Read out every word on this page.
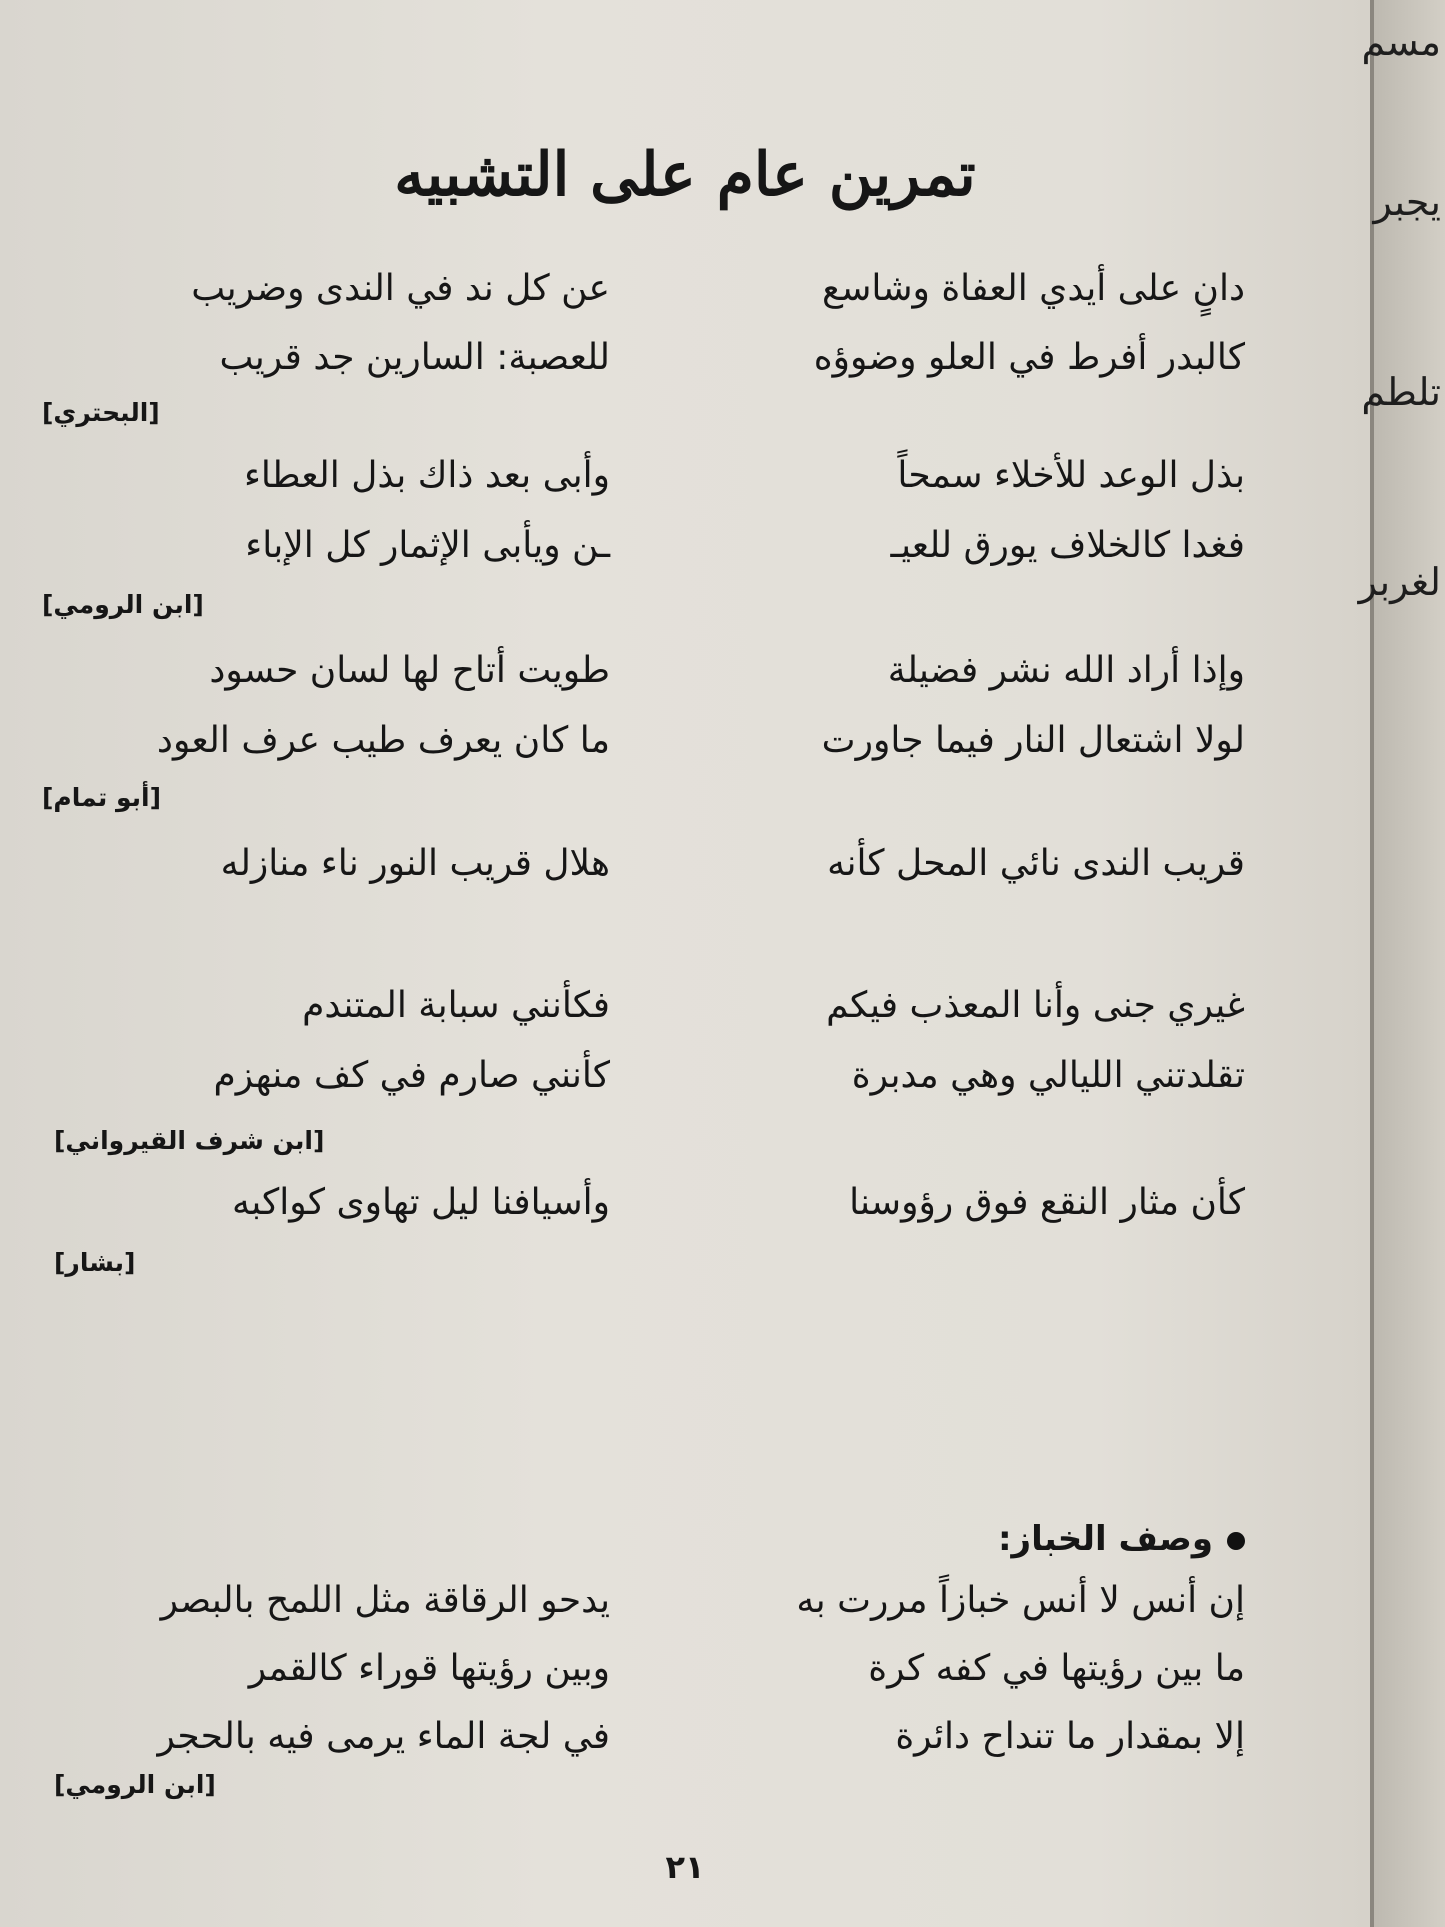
تمرين عام على التشبيه
دانٍ على أيدي العفاة وشاسع
عن كل ند في الندى وضريب
كالبدر أفرط في العلو وضوؤه
للعصبة: السارين جد قريب
[البحتري]
بذل الوعد للأخلاء سمحاً
وأبى بعد ذاك بذل العطاء
فغدا كالخلاف يورق للعيـ
ـن ويأبى الإثمار كل الإباء
[ابن الرومي]
وإذا أراد الله نشر فضيلة
طويت أتاح لها لسان حسود
لولا اشتعال النار فيما جاورت
ما كان يعرف طيب عرف العود
[أبو تمام]
قريب الندى نائي المحل كأنه
هلال قريب النور ناء منازله
غيري جنى وأنا المعذب فيكم
فكأنني سبابة المتندم
تقلدتني الليالي وهي مدبرة
كأنني صارم في كف منهزم
[ابن شرف القيرواني]
كأن مثار النقع فوق رؤوسنا
وأسيافنا ليل تهاوى كواكبه
[بشار]
وصف الخباز:
إن أنس لا أنس خبازاً مررت به
يدحو الرقاقة مثل اللمح بالبصر
ما بين رؤيتها في كفه كرة
وبين رؤيتها قوراء كالقمر
إلا بمقدار ما تنداح دائرة
في لجة الماء يرمى فيه بالحجر
[ابن الرومي]
٢١
مسم
يجبر
تلطم
لغربر
